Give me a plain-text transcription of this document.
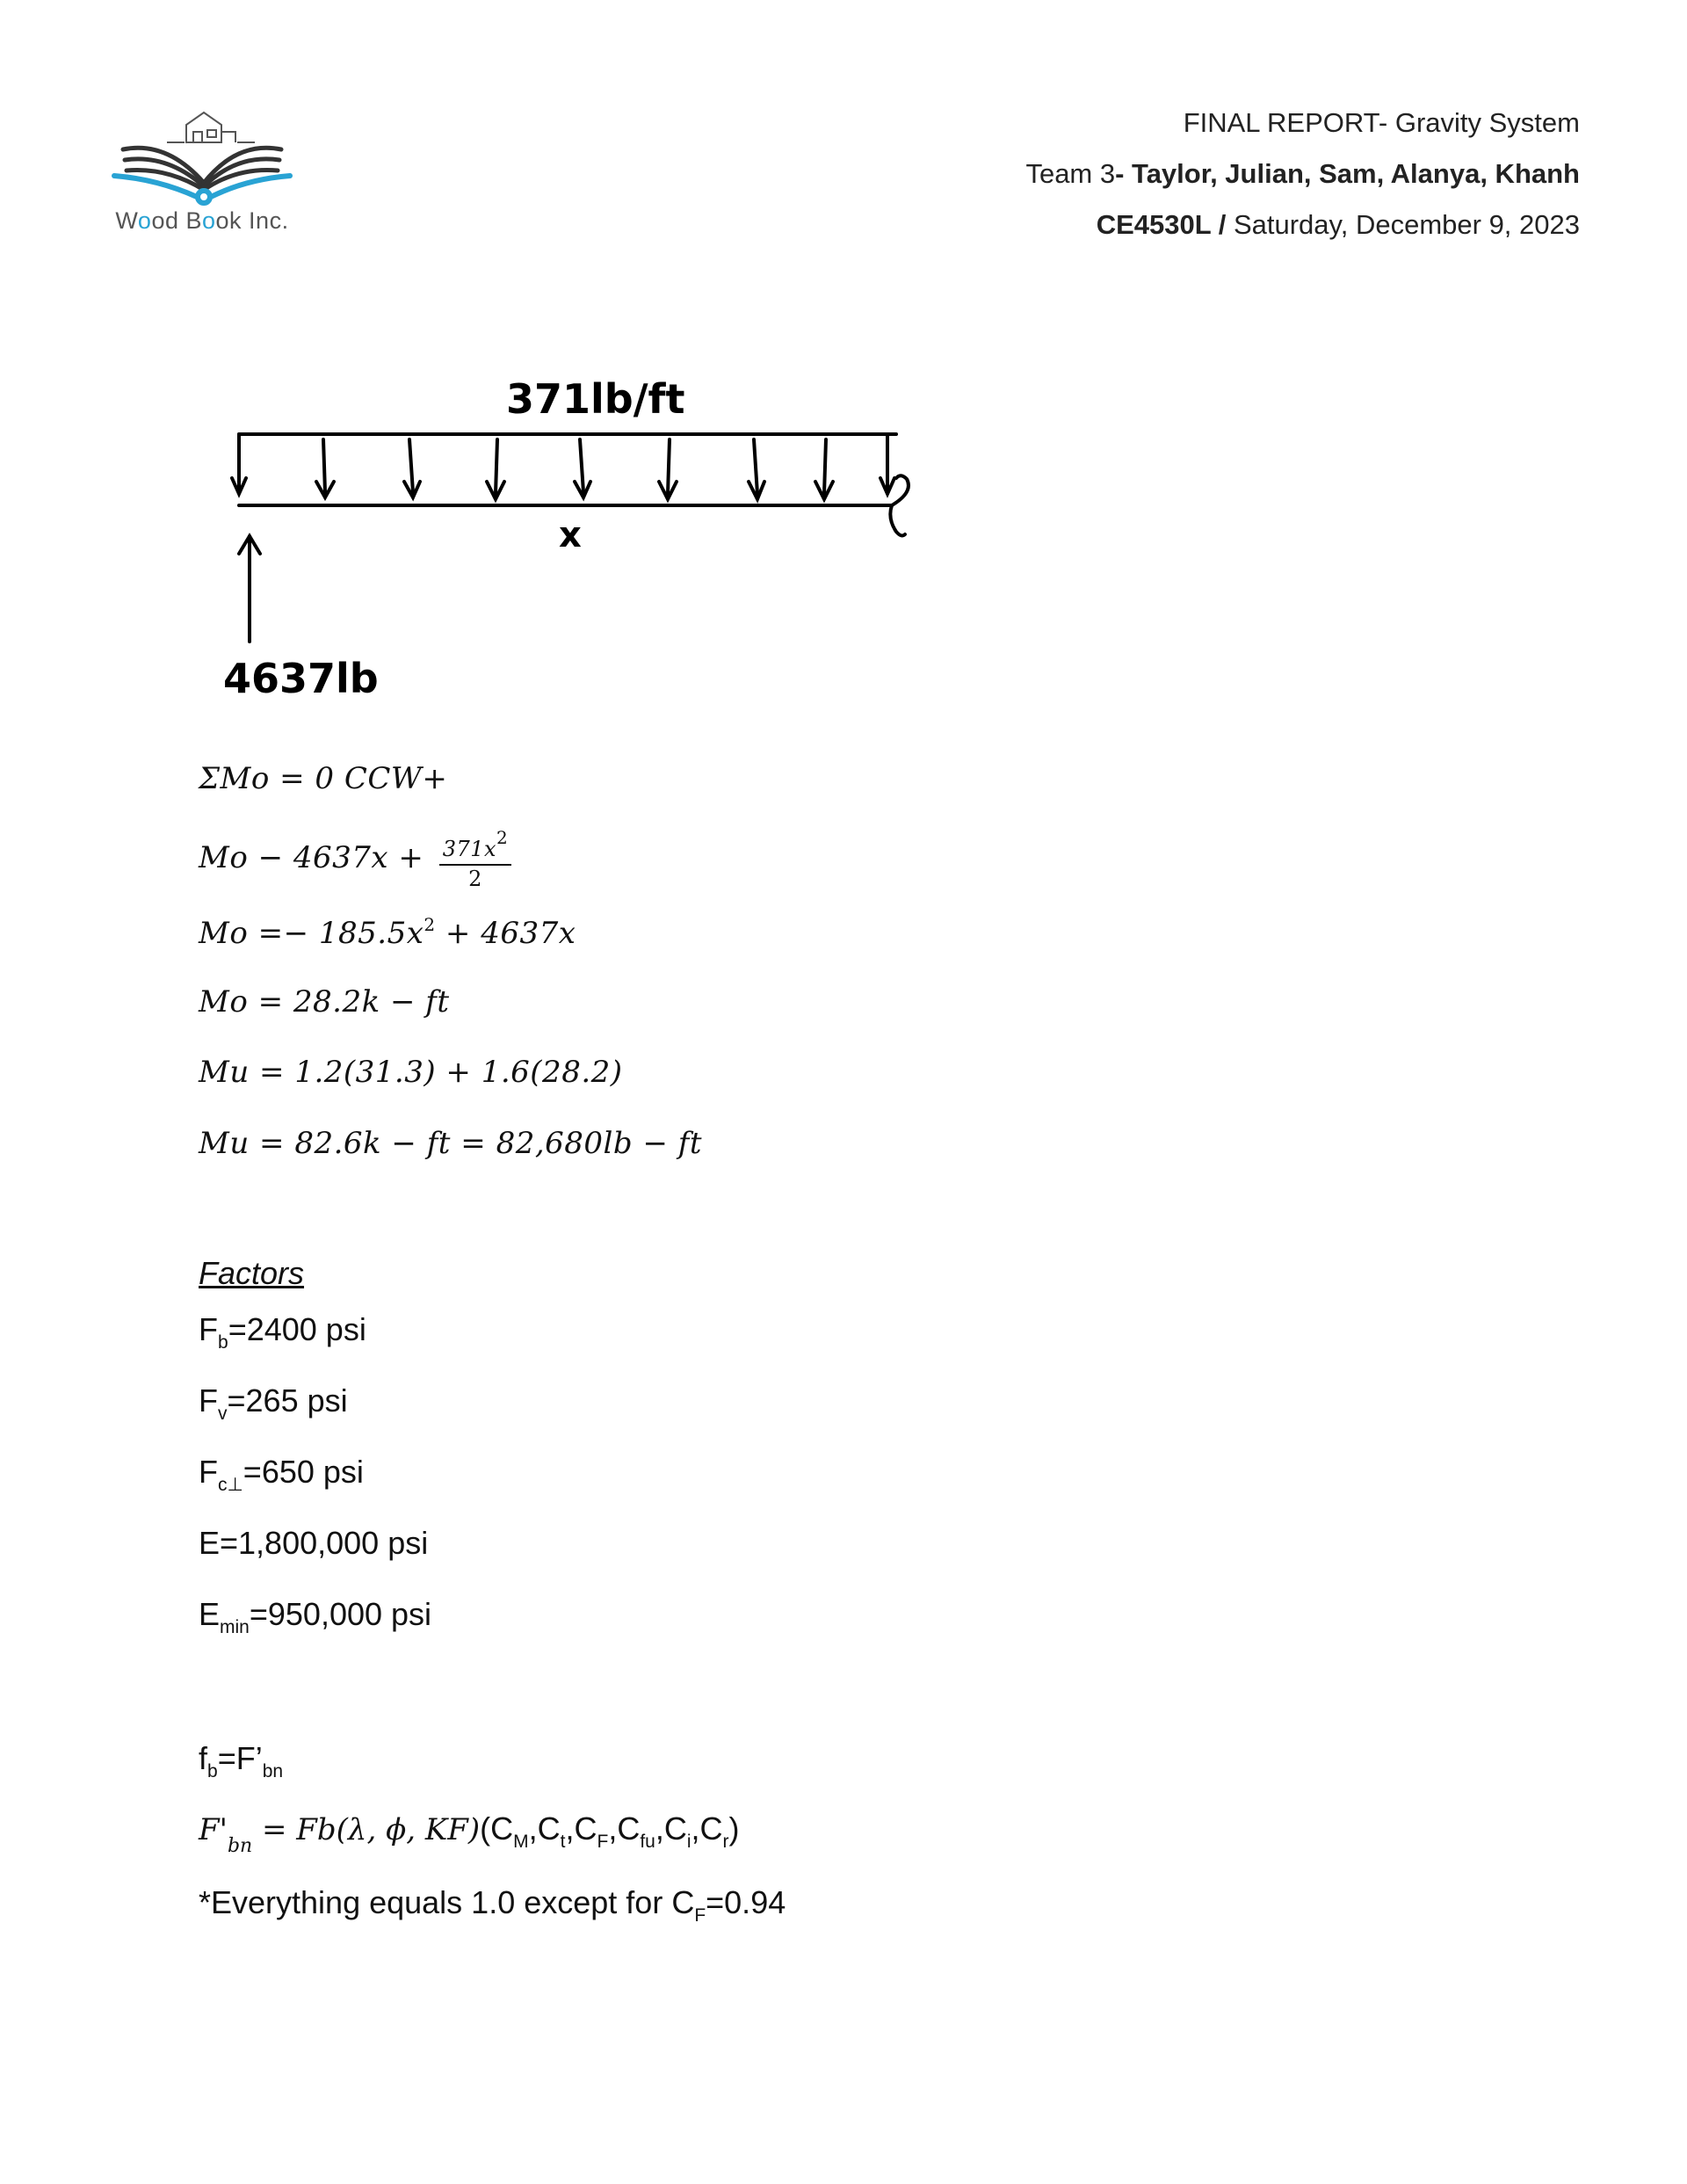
Wood Book Inc.
FINAL REPORT- Gravity System
Team 3- Taylor, Julian, Sam, Alanya, Khanh
CE4530L / Saturday, December 9, 2023
371lb/ft
x
4637lb
ΣMo = 0 CCW+
$Mo - 4637x + \frac{371x^2}{2}$
$Mo =- 185.5x^2 + 4637x$
Mo = 28.2k − ft
Mu = 1.2(31.3) + 1.6(28.2)
Mu = 82.6k − ft = 82,680lb − ft
Factors
$F_b=2400$ psi
$F_v=265$ psi
$F_{c\perp}=650$ psi
E=1,800,000 psi
$E_{min}=950,000$ psi
$f_b=F’_{bn}$
$F'_{bn} = Fb(\lambda$, ϕ, $KF)(C_M,C_t,C_F,C_{fu},C_i,C_r)$
*Everything equals 1.0 except for $C_F=0.94$
